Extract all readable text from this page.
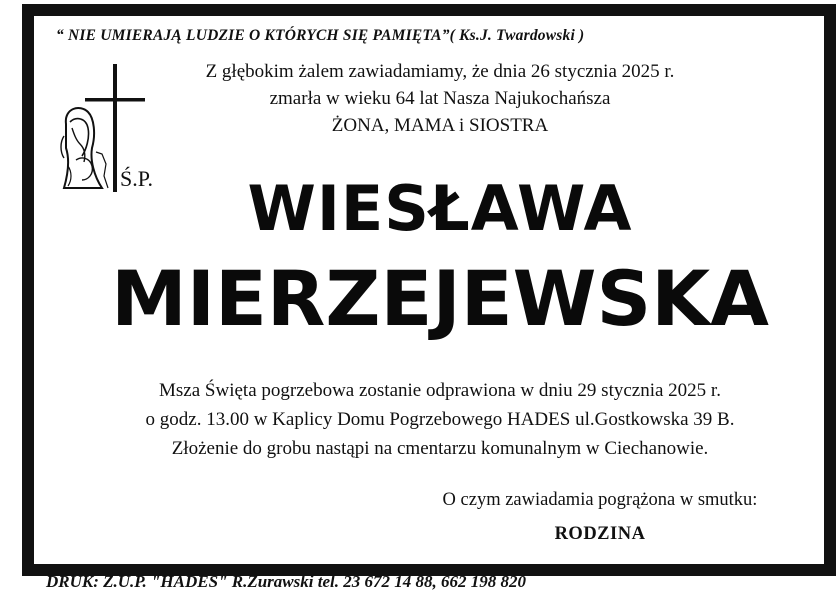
“ NIE UMIERAJĄ LUDZIE O KTÓRYCH SIĘ PAMIĘTA”( Ks.J. Twardowski )
Z głębokim żalem zawiadamiamy, że dnia 26 stycznia 2025 r.
zmarła w wieku 64 lat Nasza Najukochańsza
ŻONA, MAMA i SIOSTRA
Ś.P.	WIESŁAWA
MIERZEJEWSKA
Msza Święta pogrzebowa zostanie odprawiona w dniu 29 stycznia 2025 r.
o godz. 13.00 w Kaplicy Domu Pogrzebowego HADES ul.Gostkowska 39 B.
Złożenie do grobu nastąpi na cmentarzu komunalnym w Ciechanowie.
O czym zawiadamia pogrążona w smutku:
RODZINA
DRUK: Z.U.P. "HADES" R.Zurawski tel. 23 672 14 88, 662 198 820
